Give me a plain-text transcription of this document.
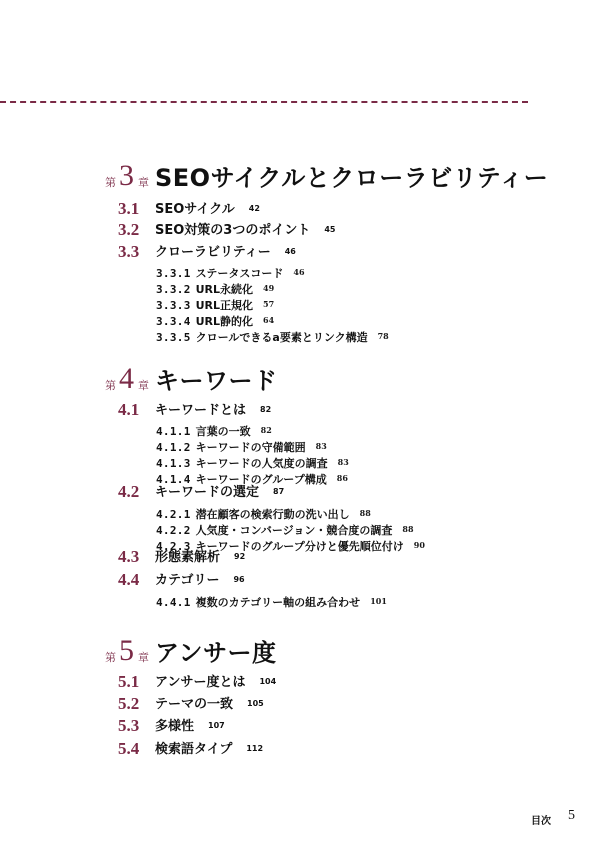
第 3 章 SEOサイクルとクローラビリティー
3.1 SEOサイクル 42
3.2 SEO対策の3つのポイント 45
3.3 クローラビリティー 46
3.3.1 ステータスコード 46
3.3.2 URL永続化 49
3.3.3 URL正規化 57
3.3.4 URL静的化 64
3.3.5 クロールできるa要素とリンク構造 78
第 4 章 キーワード
4.1 キーワードとは 82
4.1.1 言葉の一致 82
4.1.2 キーワードの守備範囲 83
4.1.3 キーワードの人気度の調査 83
4.1.4 キーワードのグループ構成 86
4.2 キーワードの選定 87
4.2.1 潜在顧客の検索行動の洗い出し 88
4.2.2 人気度・コンバージョン・競合度の調査 88
4.2.3 キーワードのグループ分けと優先順位付け 90
4.3 形態素解析 92
4.4 カテゴリー 96
4.4.1 複数のカテゴリー軸の組み合わせ 101
第 5 章 アンサー度
5.1 アンサー度とは 104
5.2 テーマの一致 105
5.3 多様性 107
5.4 検索語タイプ 112
目次 5
